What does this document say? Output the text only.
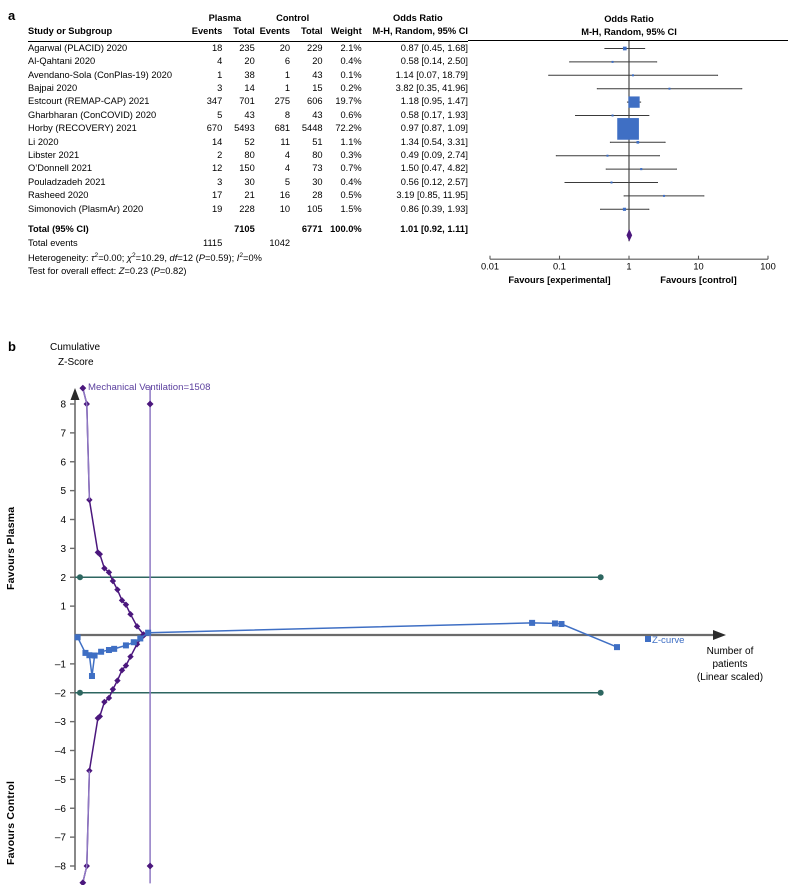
a
		Plasma		Control			Odds Ratio
Study or Subgroup	Events	Total	Events	Total	Weight	M-H, Random, 95% CI

Agarwal (PLACID) 2020	18	235	20	229	2.1%	0.87 [0.45, 1.68]
Al-Qahtani 2020	4	20	6	20	0.4%	0.58 [0.14, 2.50]
Avendano-Sola (ConPlas-19) 2020	1	38	1	43	0.1%	1.14 [0.07, 18.79]
Bajpai 2020	3	14	1	15	0.2%	3.82 [0.35, 41.96]
Estcourt (REMAP-CAP) 2021	347	701	275	606	19.7%	1.18 [0.95, 1.47]
Gharbharan (ConCOVID) 2020	5	43	8	43	0.6%	0.58 [0.17, 1.93]
Horby (RECOVERY) 2021	670	5493	681	5448	72.2%	0.97 [0.87, 1.09]
Li 2020	14	52	11	51	1.1%	1.34 [0.54, 3.31]
Libster 2021	2	80	4	80	0.3%	0.49 [0.09, 2.74]
O’Donnell 2021	12	150	4	73	0.7%	1.50 [0.47, 4.82]
Pouladzadeh 2021	3	30	5	30	0.4%	0.56 [0.12, 2.57]
Rasheed 2020	17	21	16	28	0.5%	3.19 [0.85, 11.95]
Simonovich (PlasmAr) 2020	19	228	10	105	1.5%	0.86 [0.39, 1.93]

Total (95% CI)		7105		6771	100.0%	1.01 [0.92, 1.11]
Total events	1115		1042			
Heterogeneity: $\tau^2=0.00$; $\chi^2=10.29$, df=12 (P=0.59); $I^2=0\%$
Test for overall effect: Z=0.23 (P=0.82)
Odds Ratio
M-H, Random, 95% CI
0.01	0.1	1	10	100
Favours [experimental]	Favours [control]
b	Cumulative
Z-Score
Favours Plasma
Favours Control
Mechanical Ventilation=1508
Z-curve
Number of
patients
(Linear scaled)
8
7
6
5
4
3
2
1
–1
–2
–3
–4
–5
–6
–7
–8
